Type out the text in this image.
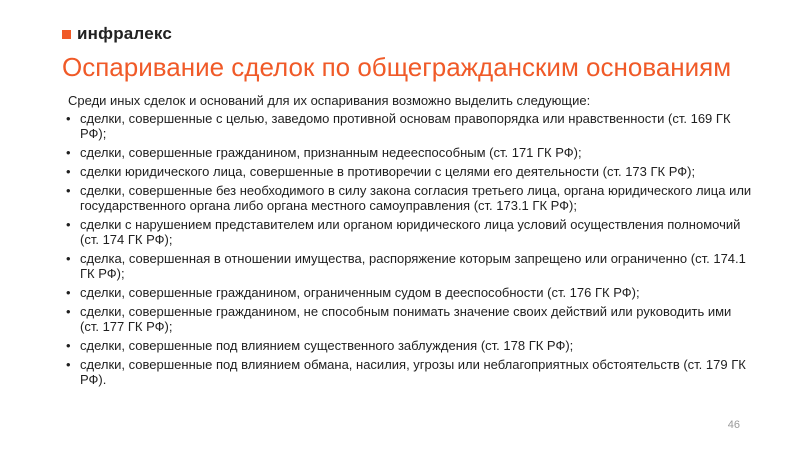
инфралекс
Оспаривание сделок по общегражданским основаниям
Среди иных сделок и оснований для их оспаривания возможно выделить следующие:
• сделки, совершенные с целью, заведомо противной основам правопорядка или нравственности (ст. 169 ГК РФ);
• сделки, совершенные гражданином, признанным недееспособным (ст. 171 ГК РФ);
• сделки юридического лица, совершенные в противоречии с целями его деятельности (ст. 173 ГК РФ);
• сделки, совершенные без необходимого в силу закона согласия третьего лица, органа юридического лица или государственного органа либо органа местного самоуправления (ст. 173.1 ГК РФ);
• сделки с нарушением представителем или органом юридического лица условий осуществления полномочий (ст. 174 ГК РФ);
• сделка, совершенная в отношении имущества, распоряжение которым запрещено или ограниченно (ст. 174.1 ГК РФ);
• сделки, совершенные гражданином, ограниченным судом в дееспособности (ст. 176 ГК РФ);
• сделки, совершенные гражданином, не способным понимать значение своих действий или руководить ими (ст. 177 ГК РФ);
• сделки, совершенные под влиянием существенного заблуждения (ст. 178 ГК РФ);
• сделки, совершенные под влиянием обмана, насилия, угрозы или неблагоприятных обстоятельств (ст. 179 ГК РФ).
46
